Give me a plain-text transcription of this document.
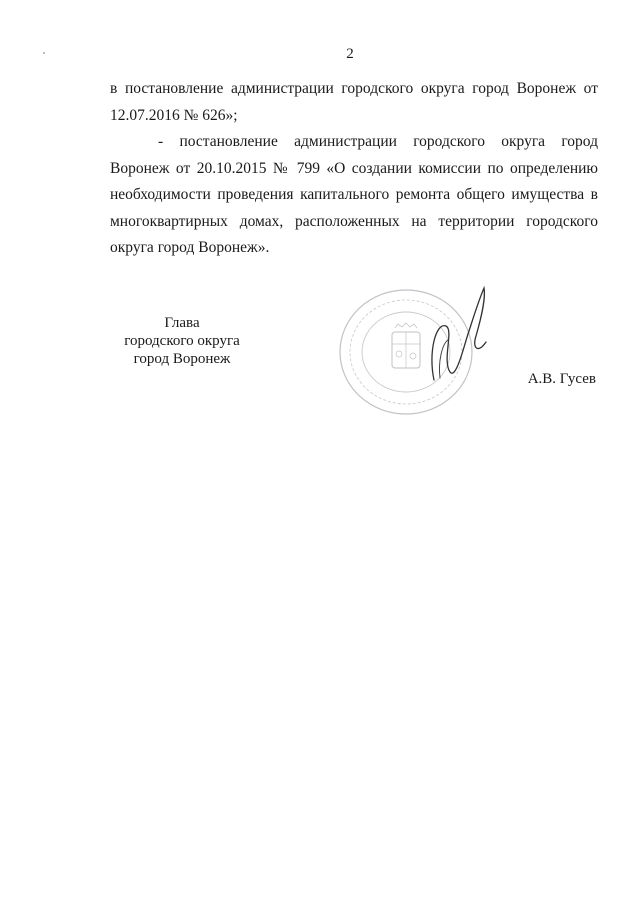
2

в постановление администрации городского округа город Воронеж от 12.07.2016 № 626»;

- постановление администрации городского округа город Воронеж от 20.10.2015 № 799 «О создании комиссии по определению необходимости проведения капитального ремонта общего имущества в многоквартирных домах, расположенных на территории городского округа город Воронеж».

Глава
городского округа
город Воронеж
А.В. Гусев
